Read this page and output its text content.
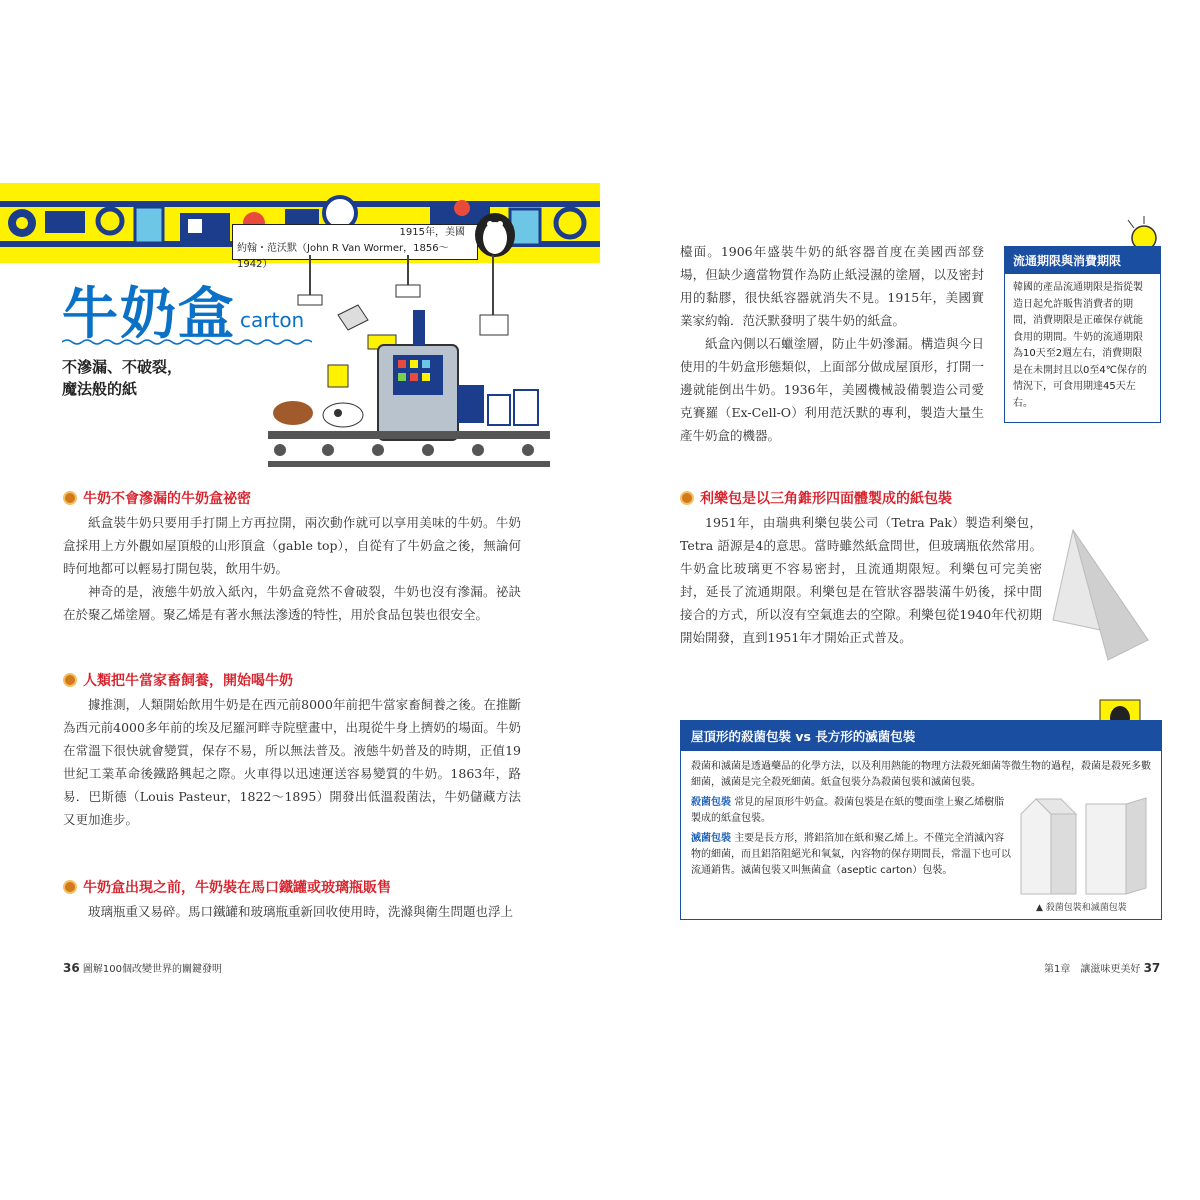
1915年，美國
約翰・范沃默（John R Van Wormer，1856～1942）
牛奶盒 carton
不滲漏、不破裂，
魔法般的紙
牛奶不會滲漏的牛奶盒祕密

紙盒裝牛奶只要用手打開上方再拉開，兩次動作就可以享用美味的牛奶。牛奶盒採用上方外觀如屋頂般的山形頂盒（gable top），自從有了牛奶盒之後，無論何時何地都可以輕易打開包裝，飲用牛奶。

神奇的是，液態牛奶放入紙內，牛奶盒竟然不會破裂，牛奶也沒有滲漏。祕訣在於聚乙烯塗層。聚乙烯是有著水無法滲透的特性，用於食品包裝也很安全。

人類把牛當家畜飼養，開始喝牛奶

據推測，人類開始飲用牛奶是在西元前8000年前把牛當家畜飼養之後。在推斷為西元前4000多年前的埃及尼羅河畔寺院壁畫中，出現從牛身上擠奶的場面。牛奶在常溫下很快就會變質，保存不易，所以無法普及。液態牛奶普及的時期，正值19世紀工業革命後鐵路興起之際。火車得以迅速運送容易變質的牛奶。1863年，路易．巴斯德（Louis Pasteur，1822～1895）開發出低溫殺菌法，牛奶儲藏方法又更加進步。

牛奶盒出現之前，牛奶裝在馬口鐵罐或玻璃瓶販售

玻璃瓶重又易碎。馬口鐵罐和玻璃瓶重新回收使用時，洗滌與衛生問題也浮上

檯面。1906年盛裝牛奶的紙容器首度在美國西部登場，但缺少適當物質作為防止紙浸濕的塗層，以及密封用的黏膠，很快紙容器就消失不見。1915年，美國實業家約翰．范沃默發明了裝牛奶的紙盒。

紙盒內側以石蠟塗層，防止牛奶滲漏。構造與今日使用的牛奶盒形態類似，上面部分做成屋頂形，打開一邊就能倒出牛奶。1936年，美國機械設備製造公司愛克賽羅（Ex-Cell-O）利用范沃默的專利，製造大量生產牛奶盒的機器。

流通期限與消費期限
韓國的產品流通期限是指從製造日起允許販售消費者的期間，消費期限是正確保存就能食用的期間。牛奶的流通期限為10天至2週左右，消費期限是在未開封且以0至4℃保存的情況下，可食用期達45天左右。
利樂包是以三角錐形四面體製成的紙包裝

1951年，由瑞典利樂包裝公司（Tetra Pak）製造利樂包，Tetra 語源是4的意思。當時雖然紙盒問世，但玻璃瓶依然常用。牛奶盒比玻璃更不容易密封，且流通期限短。利樂包可完美密封，延長了流通期限。利樂包是在管狀容器裝滿牛奶後，採中間接合的方式，所以沒有空氣進去的空隙。利樂包從1940年代初期開始開發，直到1951年才開始正式普及。

屋頂形的殺菌包裝 vs 長方形的滅菌包裝
殺菌和滅菌是透過藥品的化學方法，以及利用熱能的物理方法殺死細菌等微生物的過程，殺菌是殺死多數細菌，滅菌是完全殺死細菌。紙盒包裝分為殺菌包裝和滅菌包裝。
殺菌包裝 常見的屋頂形牛奶盒。殺菌包裝是在紙的雙面塗上聚乙烯樹脂製成的紙盒包裝。
滅菌包裝 主要是長方形，將鋁箔加在紙和聚乙烯上。不僅完全消滅內容物的細菌，而且鋁箔阻絕光和氧氣，內容物的保存期間長，常溫下也可以流通銷售。滅菌包裝又叫無菌盒（aseptic carton）包裝。
▲ 殺菌包裝和滅菌包裝
36 圖解100個改變世界的關鍵發明	第1章　讓滋味更美好 37
